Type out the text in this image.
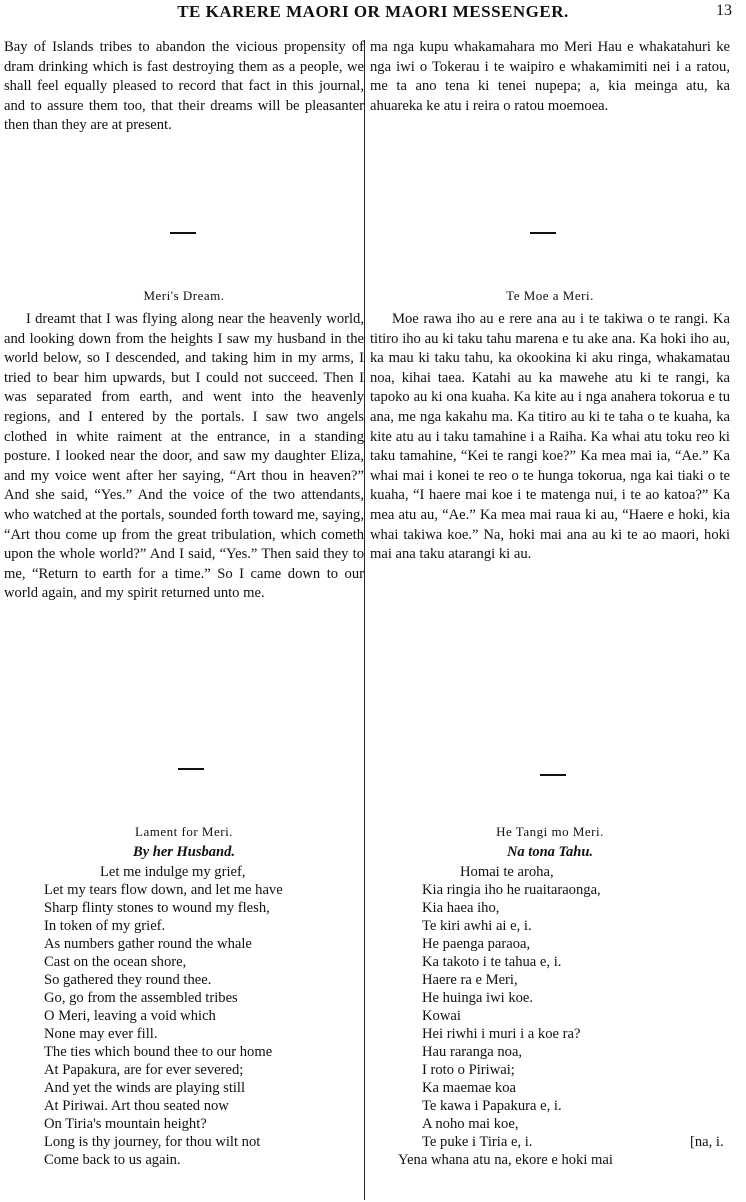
TE KARERE MAORI OR MAORI MESSENGER.	13

Bay of Islands tribes to abandon the vicious propensity of dram drinking which is fast destroying them as a people, we shall feel equally pleased to record that fact in this journal, and to assure them too, that their dreams will be pleasanter then than they are at present.

Meri's Dream.

I dreamt that I was flying along near the heavenly world, and looking down from the heights I saw my husband in the world below, so I descended, and taking him in my arms, I tried to bear him upwards, but I could not succeed. Then I was separated from earth, and went into the heavenly regions, and I entered by the portals. I saw two angels clothed in white raiment at the entrance, in a standing posture. I looked near the door, and saw my daughter Eliza, and my voice went after her saying, “Art thou in heaven?” And she said, “Yes.” And the voice of the two attendants, who watched at the portals, sounded forth toward me, saying, “Art thou come up from the great tribulation, which cometh upon the whole world?” And I said, “Yes.” Then said they to me, “Return to earth for a time.” So I came down to our world again, and my spirit returned unto me.

Lament for Meri.

By her Husband.

Let me indulge my grief,
Let my tears flow down, and let me have
Sharp flinty stones to wound my flesh,
In token of my grief.
As numbers gather round the whale
Cast on the ocean shore,
So gathered they round thee.
Go, go from the assembled tribes
O Meri, leaving a void which
None may ever fill.
The ties which bound thee to our home
At Papakura, are for ever severed;
And yet the winds are playing still
At Piriwai. Art thou seated now
On Tiria's mountain height?
Long is thy journey, for thou wilt not
Come back to us again.

ma nga kupu whakamahara mo Meri Hau e whakatahuri ke nga iwi o Tokerau i te waipiro e whakamimiti nei i a ratou, me ta ano tena ki tenei nupepa; a, kia meinga atu, ka ahuareka ke atu i reira o ratou moemoea.

Te Moe a Meri.

Moe rawa iho au e rere ana au i te takiwa o te rangi. Ka titiro iho au ki taku tahu marena e tu ake ana. Ka hoki iho au, ka mau ki taku tahu, ka okookina ki aku ringa, whakamatau noa, kihai taea. Katahi au ka mawehe atu ki te rangi, ka tapoko au ki ona kuaha. Ka kite au i nga anahera tokorua e tu ana, me nga kakahu ma. Ka titiro au ki te taha o te kuaha, ka kite atu au i taku tamahine i a Raiha. Ka whai atu toku reo ki taku tamahine, “Kei te rangi koe?” Ka mea mai ia, “Ae.” Ka whai mai i konei te reo o te hunga tokorua, nga kai tiaki o te kuaha, “I haere mai koe i te matenga nui, i te ao katoa?” Ka mea atu au, “Ae.” Ka mea mai raua ki au, “Haere e hoki, kia whai takiwa koe.” Na, hoki mai ana au ki te ao maori, hoki mai ana taku atarangi ki au.

He Tangi mo Meri.

Na tona Tahu.

Homai te aroha,
Kia ringia iho he ruaitaraonga,
Kia haea iho,
Te kiri awhi ai e, i.
He paenga paraoa,
Ka takoto i te tahua e, i.
Haere ra e Meri,
He huinga iwi koe.
Kowai
Hei riwhi i muri i a koe ra?
Hau raranga noa,
I roto o Piriwai;
Ka maemae koa
Te kawa i Papakura e, i.
A noho mai koe,
Te puke i Tiria e, i.	[na, i.
Yena whana atu na, ekore e hoki mai
